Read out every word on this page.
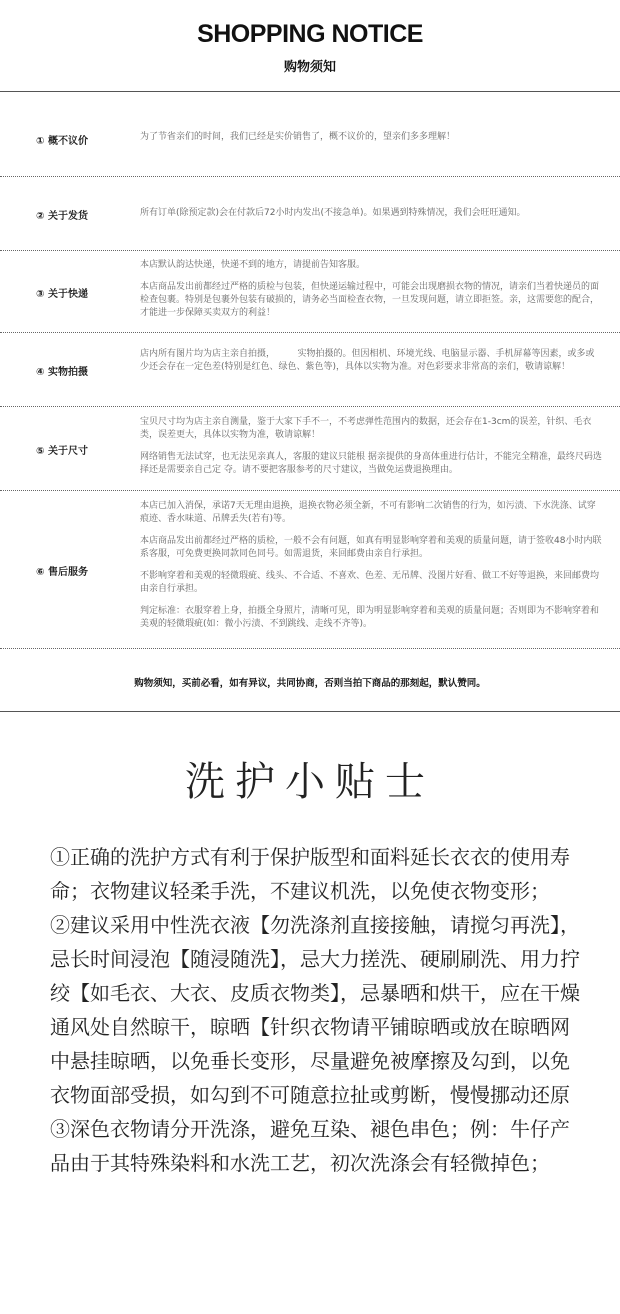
SHOPPING NOTICE
购物须知
① 概不议价	为了节省亲们的时间，我们已经是实价销售了，概不议价的，望亲们多多理解！

② 关于发货	所有订单(除预定款)会在付款后72小时内发出(不接急单)。如果遇到特殊情况，我们会旺旺通知。

③ 关于快递

本店默认韵达快递，快递不到的地方，请提前告知客服。

本店商品发出前都经过严格的质检与包装，但快递运输过程中，可能会出现磨损衣物的情况，请亲们当着快递员的面检查包裹。特别是包裹外包装有破损的，请务必当面检查衣物，一旦发现问题，请立即拒签。亲，这需要您的配合，才能进一步保障买卖双方的利益！

④ 实物拍摄

店内所有图片均为店主亲自拍摄，　　　实物拍摄的。但因相机、环境光线、电脑显示器、手机屏幕等因素，或多或少还会存在一定色差(特别是红色、绿色、紫色等)，具体以实物为准。对色彩要求非常高的亲们，敬请谅解！

⑤ 关于尺寸

宝贝尺寸均为店主亲自测量，鉴于大家下手不一，不考虑弹性范围内的数据，还会存在1-3cm的误差，针织、毛衣类，误差更大，具体以实物为准，敬请谅解！

网络销售无法试穿，也无法见亲真人，客服的建议只能根 据亲提供的身高体重进行估计，不能完全精准，最终尺码选择还是需要亲自己定 夺。请不要把客服参考的尺寸建议，当做免运费退换理由。

⑥ 售后服务

本店已加入消保，承诺7天无理由退换，退换衣物必须全新，不可有影响二次销售的行为，如污渍、下水洗涤、试穿痕迹、香水味道、吊牌丢失(若有)等。

本店商品发出前都经过严格的质检，一般不会有问题，如真有明显影响穿着和美观的质量问题，请于签收48小时内联系客服，可免费更换同款同色同号。如需退货，来回邮费由亲自行承担。

不影响穿着和美观的轻微瑕疵、线头、不合适、不喜欢、色差、无吊牌、没图片好看、做工不好等退换，来回邮费均由亲自行承担。

判定标准：衣服穿着上身，拍摄全身照片，清晰可见，即为明显影响穿着和美观的质量问题；否则即为不影响穿着和美观的轻微瑕疵(如：微小污渍、不到跳线、走线不齐等)。

购物须知，买前必看，如有异议，共同协商，否则当拍下商品的那刻起，默认赞同。
洗护小贴士

①正确的洗护方式有利于保护版型和面料延长衣衣的使用寿命；衣物建议轻柔手洗，不建议机洗，以免使衣物变形；

②建议采用中性洗衣液【勿洗涤剂直接接触，请搅匀再洗】，忌长时间浸泡【随浸随洗】，忌大力搓洗、硬刷刷洗、用力拧绞【如毛衣、大衣、皮质衣物类】，忌暴晒和烘干，应在干燥通风处自然晾干，晾晒【针织衣物请平铺晾晒或放在晾晒网中悬挂晾晒，以免垂长变形，尽量避免被摩擦及勾到，以免衣物面部受损，如勾到不可随意拉扯或剪断，慢慢挪动还原

③深色衣物请分开洗涤，避免互染、褪色串色；例：牛仔产品由于其特殊染料和水洗工艺，初次洗涤会有轻微掉色；
